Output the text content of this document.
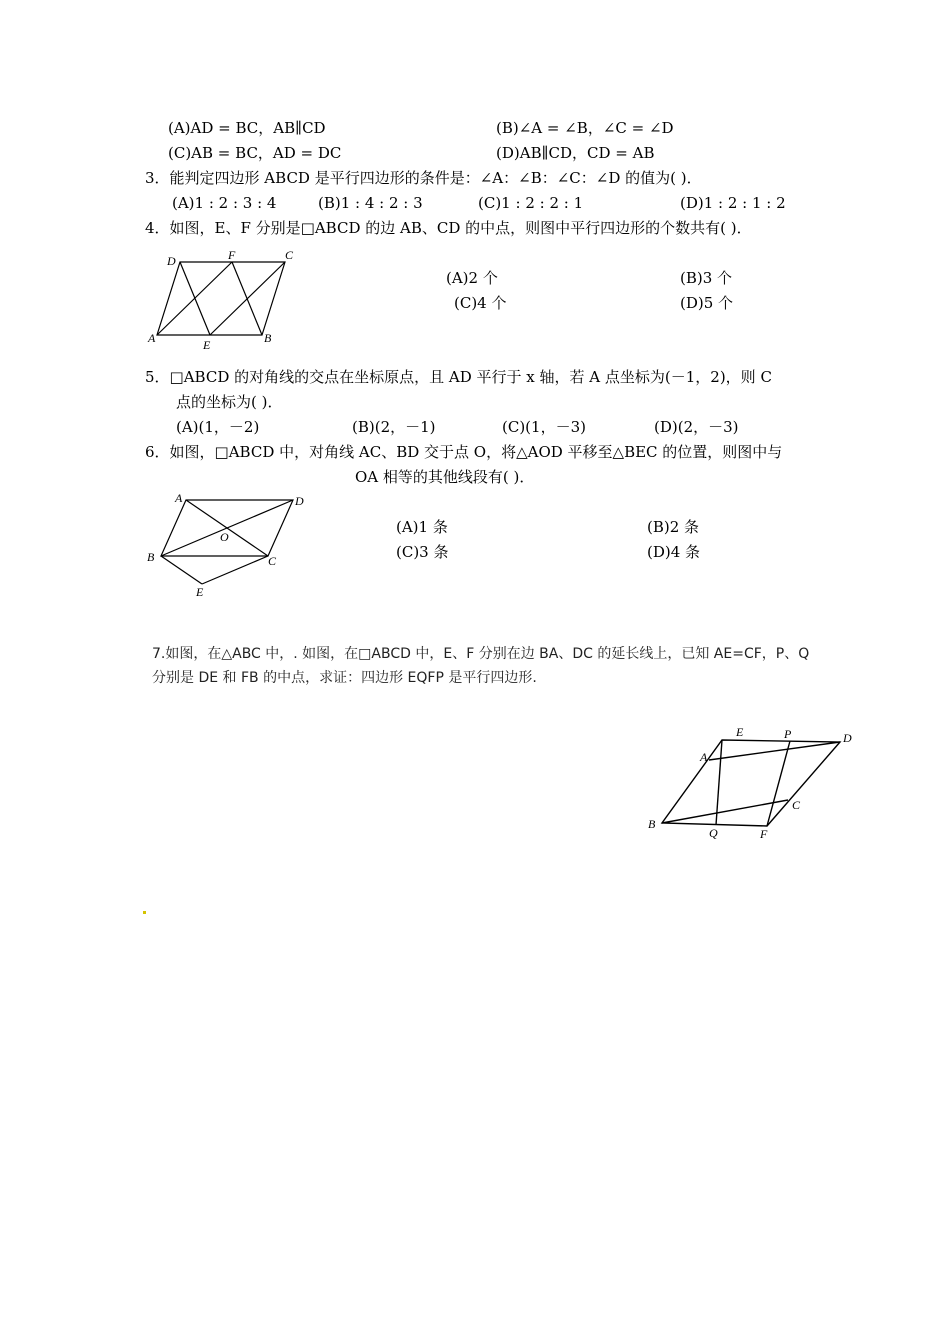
(A)AD = BC，AB∥CD	(B)∠A = ∠B，∠C = ∠D
(C)AB = BC，AD = DC	(D)AB∥CD，CD = AB
3．能判定四边形 ABCD 是平行四边形的条件是：∠A：∠B：∠C：∠D 的值为( )．
(A)1 : 2 : 3 : 4	(B)1 : 4 : 2 : 3	(C)1 : 2 : 2 : 1	(D)1 : 2 : 1 : 2
4．如图，E、F 分别是□ABCD 的边 AB、CD 的中点，则图中平行四边形的个数共有( )．
A	B
C
D
E
F
(A)2 个	(B)3 个
(C)4 个	(D)5 个
5．□ABCD 的对角线的交点在坐标原点，且 AD 平行于 x 轴，若 A 点坐标为(－1，2)，则 C
点的坐标为( )．
(A)(1，－2)	(B)(2，－1)	(C)(1，－3)	(D)(2，－3)
6．如图，□ABCD 中，对角线 AC、BD 交于点 O，将△AOD 平移至△BEC 的位置，则图中与
OA 相等的其他线段有( )．
A
B	C
D
E
O
(A)1 条	(B)2 条
(C)3 条	(D)4 条
7.如图，在△ABC 中，. 如图，在□ABCD 中，E、F 分别在边 BA、DC 的延长线上，已知 AE=CF，P、Q
分别是 DE 和 FB 的中点，求证：四边形 EQFP 是平行四边形.
A
B
C
D
E
F
P
Q
